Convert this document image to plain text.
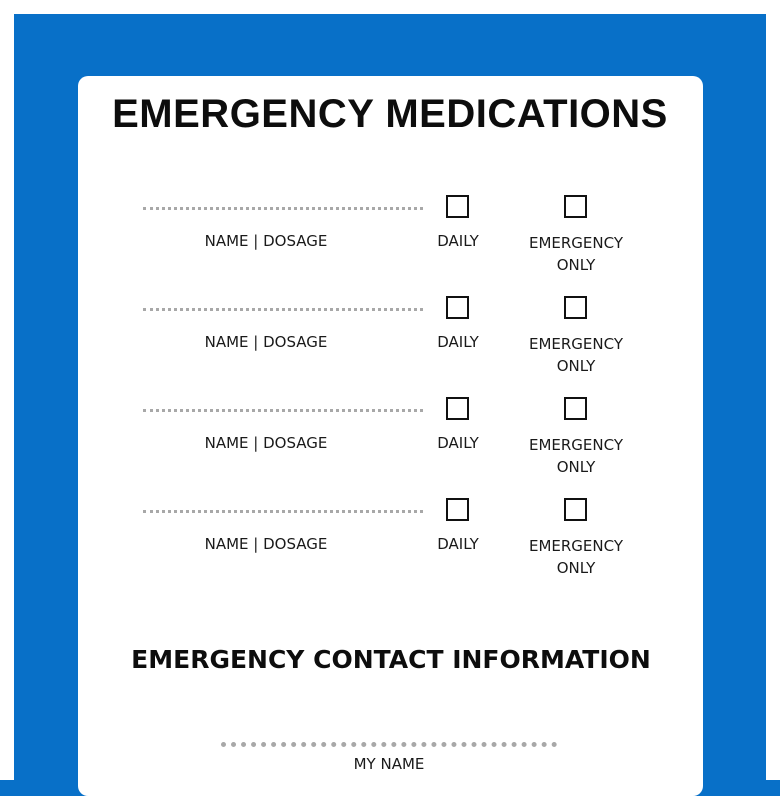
EMERGENCY MEDICATIONS
NAME | DOSAGE	DAILY	EMERGENCY
ONLY
NAME | DOSAGE	DAILY	EMERGENCY
ONLY
NAME | DOSAGE	DAILY	EMERGENCY
ONLY
NAME | DOSAGE	DAILY	EMERGENCY
ONLY
EMERGENCY CONTACT INFORMATION
MY NAME
